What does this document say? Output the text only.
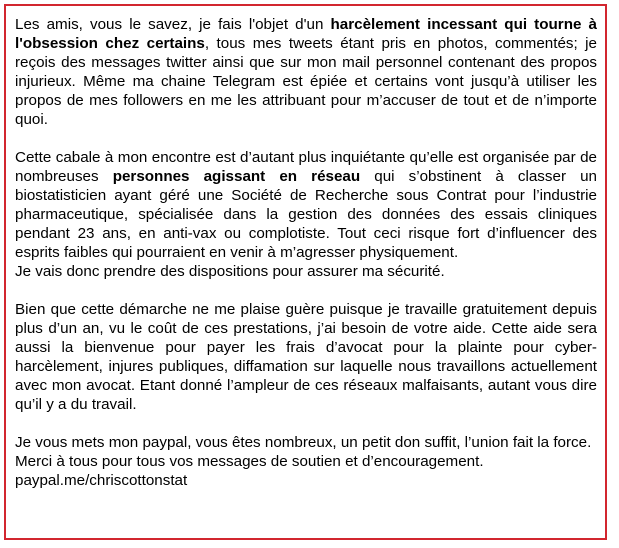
Les amis, vous le savez, je fais l'objet d'un harcèlement incessant qui tourne à l'obsession chez certains, tous mes tweets étant pris en photos, commentés; je reçois des messages twitter ainsi que sur mon mail personnel contenant des propos injurieux. Même ma chaine Telegram est épiée et certains vont jusqu’à utiliser les propos de mes followers en me les attribuant pour m’accuser de tout et de n’importe quoi.

Cette cabale à mon encontre est d’autant plus inquiétante qu’elle est organisée par de nombreuses personnes agissant en réseau qui s’obstinent à classer un biostatisticien ayant géré une Société de Recherche sous Contrat pour l’industrie pharmaceutique, spécialisée dans la gestion des données des essais cliniques pendant 23 ans, en anti-vax ou complotiste. Tout ceci risque fort d’influencer des esprits faibles qui pourraient en venir à m’agresser physiquement.
Je vais donc prendre des dispositions pour assurer ma sécurité.

Bien que cette démarche ne me plaise guère puisque je travaille gratuitement depuis plus d’un an, vu le coût de ces prestations, j’ai besoin de votre aide. Cette aide sera aussi la bienvenue pour payer les frais d’avocat pour la plainte pour cyber-harcèlement, injures publiques, diffamation sur laquelle nous travaillons actuellement avec mon avocat. Etant donné l’ampleur de ces réseaux malfaisants, autant vous dire qu’il y a du travail.

Je vous mets mon paypal, vous êtes nombreux, un petit don suffit, l’union fait la force.
Merci à tous pour tous vos messages de soutien et d’encouragement.
paypal.me/chriscottonstat
